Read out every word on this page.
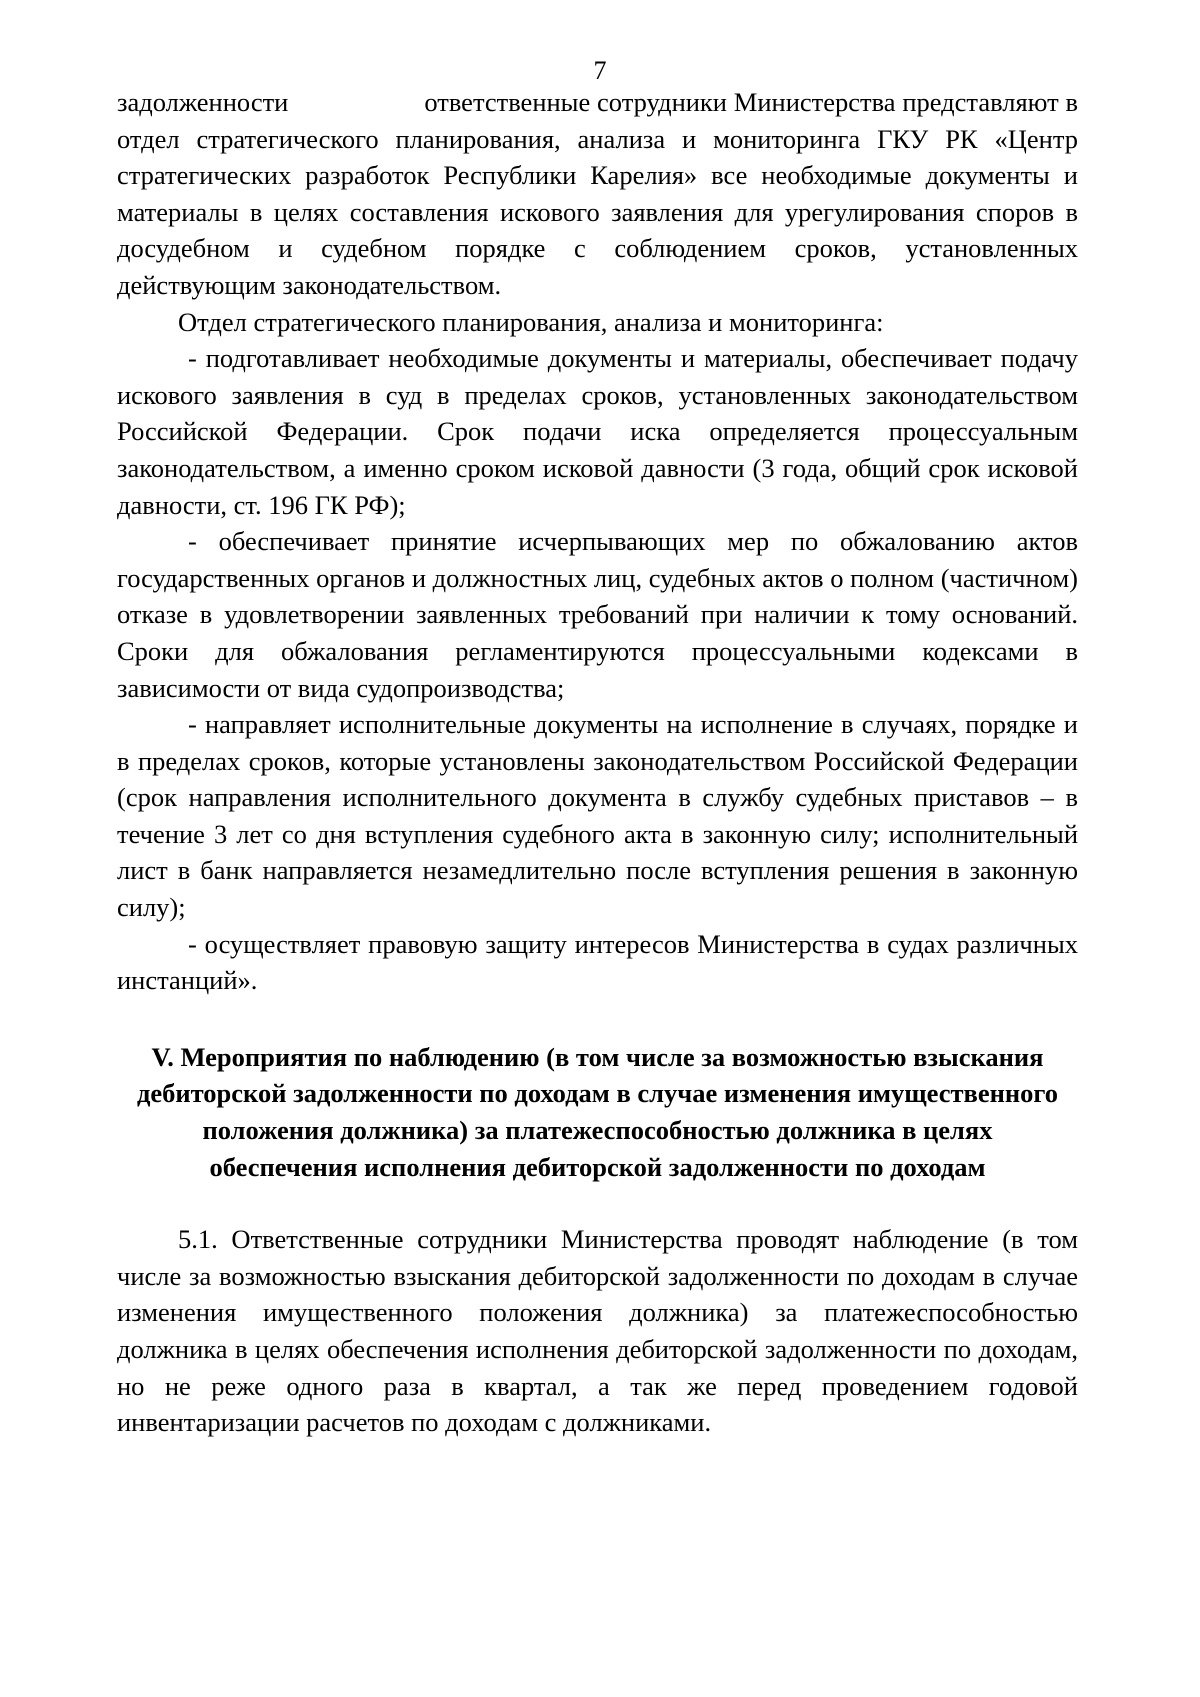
7

задолженности                    ответственные сотрудники Министерства представляют в отдел стратегического планирования, анализа и мониторинга ГКУ РК «Центр стратегических разработок Республики Карелия» все необходимые документы и материалы в целях составления искового заявления для урегулирования споров в досудебном и судебном порядке с соблюдением сроков, установленных действующим законодательством.

Отдел стратегического планирования, анализа и мониторинга:

- подготавливает необходимые документы и материалы, обеспечивает подачу искового заявления в суд в пределах сроков, установленных законодательством Российской Федерации. Срок подачи иска определяется процессуальным законодательством, а именно сроком исковой давности (3 года, общий срок исковой давности, ст. 196 ГК РФ);

- обеспечивает принятие исчерпывающих мер по обжалованию актов государственных органов и должностных лиц, судебных актов о полном (частичном) отказе в удовлетворении заявленных требований при наличии к тому оснований. Сроки для обжалования регламентируются процессуальными кодексами в зависимости от вида судопроизводства;

- направляет исполнительные документы на исполнение в случаях, порядке и в пределах сроков, которые установлены законодательством Российской Федерации (срок направления исполнительного документа в службу судебных приставов – в течение 3 лет со дня вступления судебного акта в законную силу; исполнительный лист в банк направляется незамедлительно после вступления решения в законную силу);

- осуществляет правовую защиту интересов Министерства в судах различных инстанций».

V. Мероприятия по наблюдению (в том числе за возможностью взыскания дебиторской задолженности по доходам в случае изменения имущественного положения должника) за платежеспособностью должника в целях обеспечения исполнения дебиторской задолженности по доходам

5.1. Ответственные сотрудники Министерства проводят наблюдение (в том числе за возможностью взыскания дебиторской задолженности по доходам в случае изменения имущественного положения должника) за платежеспособностью должника в целях обеспечения исполнения дебиторской задолженности по доходам, но не реже одного раза в квартал, а так же перед проведением годовой инвентаризации расчетов по доходам с должниками.
